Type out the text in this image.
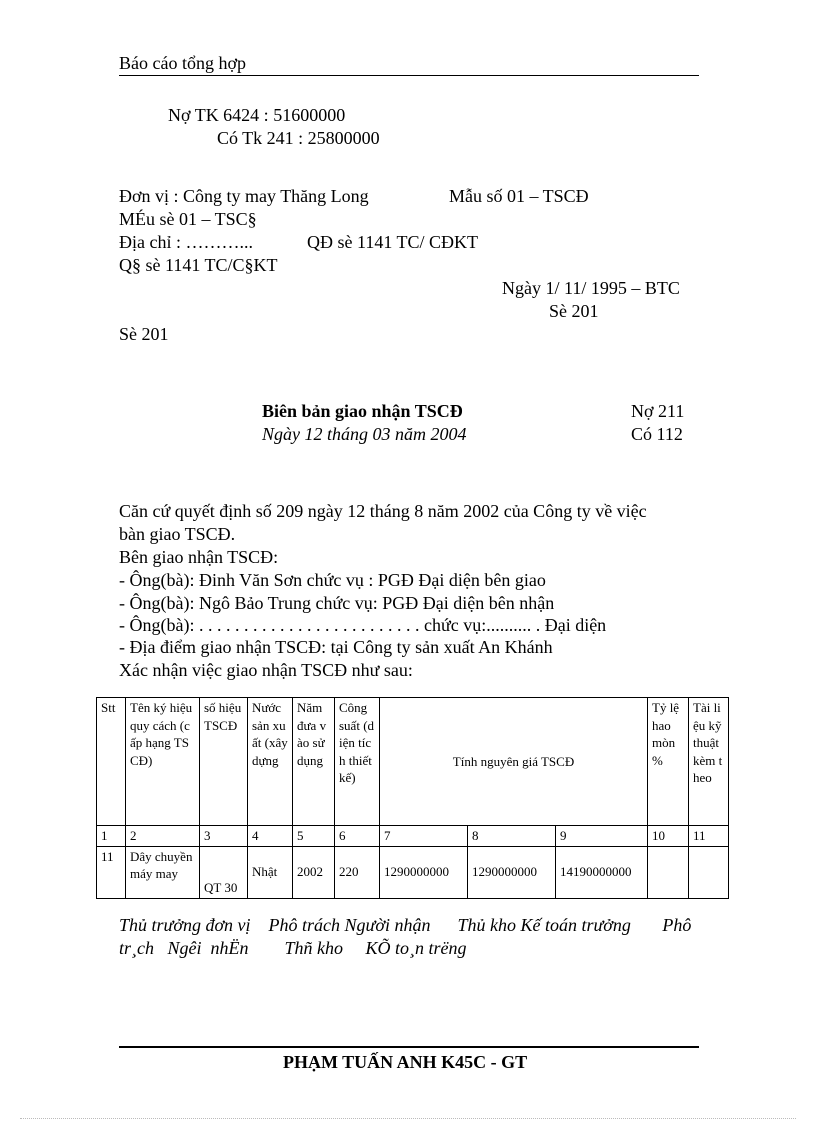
Báo cáo tổng hợp
Nợ TK 6424 : 51600000
Có Tk 241 : 25800000
Đơn vị : Công ty may Thăng Long	Mẫu số 01 – TSCĐ
MÉu sè 01 – TSC§
Địa chỉ : ………...	QĐ sè 1141 TC/ CĐKT
Q§ sè 1141 TC/C§KT
Ngày 1/ 11/ 1995 – BTC
Sè 201
Sè 201
Biên bản giao nhận TSCĐ	Nợ 211
Ngày 12 tháng 03 năm 2004	Có 112
Căn cứ quyết định số 209 ngày 12 tháng 8 năm 2002 của Công ty về việc
bàn giao TSCĐ.
Bên giao nhận TSCĐ:
- Ông(bà): Đinh Văn Sơn chức vụ : PGĐ Đại diện bên giao
- Ông(bà): Ngô Bảo Trung chức vụ: PGĐ Đại diện bên nhận
- Ông(bà): . . . . . . . . . . . . . . . . . . . . . . . . . chức vụ:.......... . Đại diện
- Địa điểm giao nhận TSCĐ: tại Công ty sản xuất An Khánh
Xác nhận việc giao nhận TSCĐ như sau:
Stt	Tên ký hiệu quy cách (cấp hạng TSCĐ)	số hiệu TSCĐ	Nước sản xuất (xây dựng	Năm đưa vào sử dụng	Công suất (diện tích thiết kế)	Tính nguyên giá TSCĐ			Tỷ lệ hao mòn %	Tài liệu kỹ thuật kèm theo
1	2	3	4	5	6	7	8	9	10	11
11	Dây chuyền máy may	QT 30	Nhật	2002	220	1290000000	1290000000	14190000000		
Thủ trưởng đơn vị    Phô trách Người nhận      Thủ kho Kế toán trưởng       Phô
tr¸ch   Ngêi  nhËn        Thñ kho     KÕ to¸n trëng
PHẠM TUẤN ANH K45C - GT
